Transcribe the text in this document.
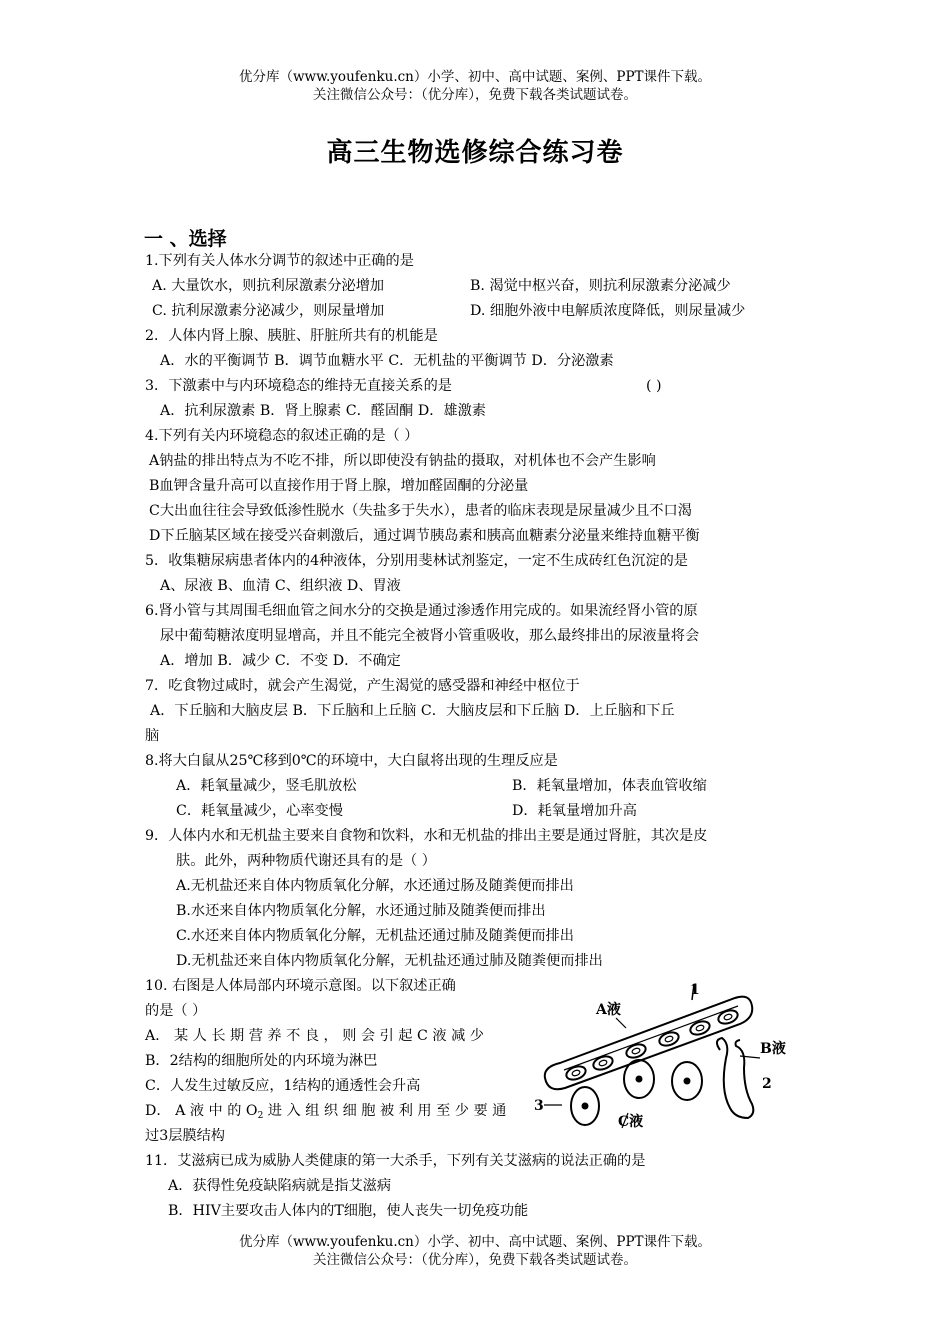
优分库（www.youfenku.cn）小学、初中、高中试题、案例、PPT课件下载。
关注微信公众号：（优分库），免费下载各类试题试卷。
高三生物选修综合练习卷
一 、选择
1.下列有关人体水分调节的叙述中正确的是
A. 大量饮水，则抗利尿激素分泌增加	B. 渴觉中枢兴奋，则抗利尿激素分泌减少
C. 抗利尿激素分泌减少，则尿量增加	D. 细胞外液中电解质浓度降低，则尿量减少
2．人体内肾上腺、胰脏、肝脏所共有的机能是
A．水的平衡调节 B．调节血糖水平 C．无机盐的平衡调节 D．分泌激素
3．下激素中与内环境稳态的维持无直接关系的是	( )
A．抗利尿激素 B．肾上腺素 C．醛固酮 D．雄激素
4.下列有关内环境稳态的叙述正确的是（ ）
A钠盐的排出特点为不吃不排，所以即使没有钠盐的摄取，对机体也不会产生影响
B血钾含量升高可以直接作用于肾上腺，增加醛固酮的分泌量
C大出血往往会导致低渗性脱水（失盐多于失水），患者的临床表现是尿量减少且不口渴
D下丘脑某区域在接受兴奋刺激后，通过调节胰岛素和胰高血糖素分泌量来维持血糖平衡
5．收集糖尿病患者体内的4种液体，分别用斐林试剂鉴定，一定不生成砖红色沉淀的是
A、尿液 B、血清 C、组织液 D、胃液
6.肾小管与其周围毛细血管之间水分的交换是通过渗透作用完成的。如果流经肾小管的原
尿中葡萄糖浓度明显增高，并且不能完全被肾小管重吸收，那么最终排出的尿液量将会
A．增加 B．减少 C．不变 D．不确定
7．吃食物过咸时，就会产生渴觉，产生渴觉的感受器和神经中枢位于
A．下丘脑和大脑皮层 B．下丘脑和上丘脑 C．大脑皮层和下丘脑 D．上丘脑和下丘
脑
8.将大白鼠从25℃移到0℃的环境中，大白鼠将出现的生理反应是
A．耗氧量减少，竖毛肌放松	B．耗氧量增加，体表血管收缩
C．耗氧量减少，心率变慢	D．耗氧量增加升高
9．人体内水和无机盐主要来自食物和饮料，水和无机盐的排出主要是通过肾脏，其次是皮
肤。此外，两种物质代谢还具有的是（ ）
A.无机盐还来自体内物质氧化分解，水还通过肠及随粪便而排出
B.水还来自体内物质氧化分解，水还通过肺及随粪便而排出
C.水还来自体内物质氧化分解，无机盐还通过肺及随粪便而排出
D.无机盐还来自体内物质氧化分解，无机盐还通过肺及随粪便而排出
10. 右图是人体局部内环境示意图。以下叙述正确
的是（ ）
A． 某 人 长 期 营 养 不 良 ， 则 会 引 起 C 液 减 少
B．2结构的细胞所处的内环境为淋巴
C．人发生过敏反应，1结构的通透性会升高
D． A 液 中 的 $O_2$ 进 入 组 织 细 胞 被 利 用 至 少 要 通
过3层膜结构
A液
B液
C液
1
2
3
11．艾滋病已成为威胁人类健康的第一大杀手，下列有关艾滋病的说法正确的是
A．获得性免疫缺陷病就是指艾滋病
B．HIV主要攻击人体内的T细胞，使人丧失一切免疫功能
优分库（www.youfenku.cn）小学、初中、高中试题、案例、PPT课件下载。
关注微信公众号：（优分库），免费下载各类试题试卷。
